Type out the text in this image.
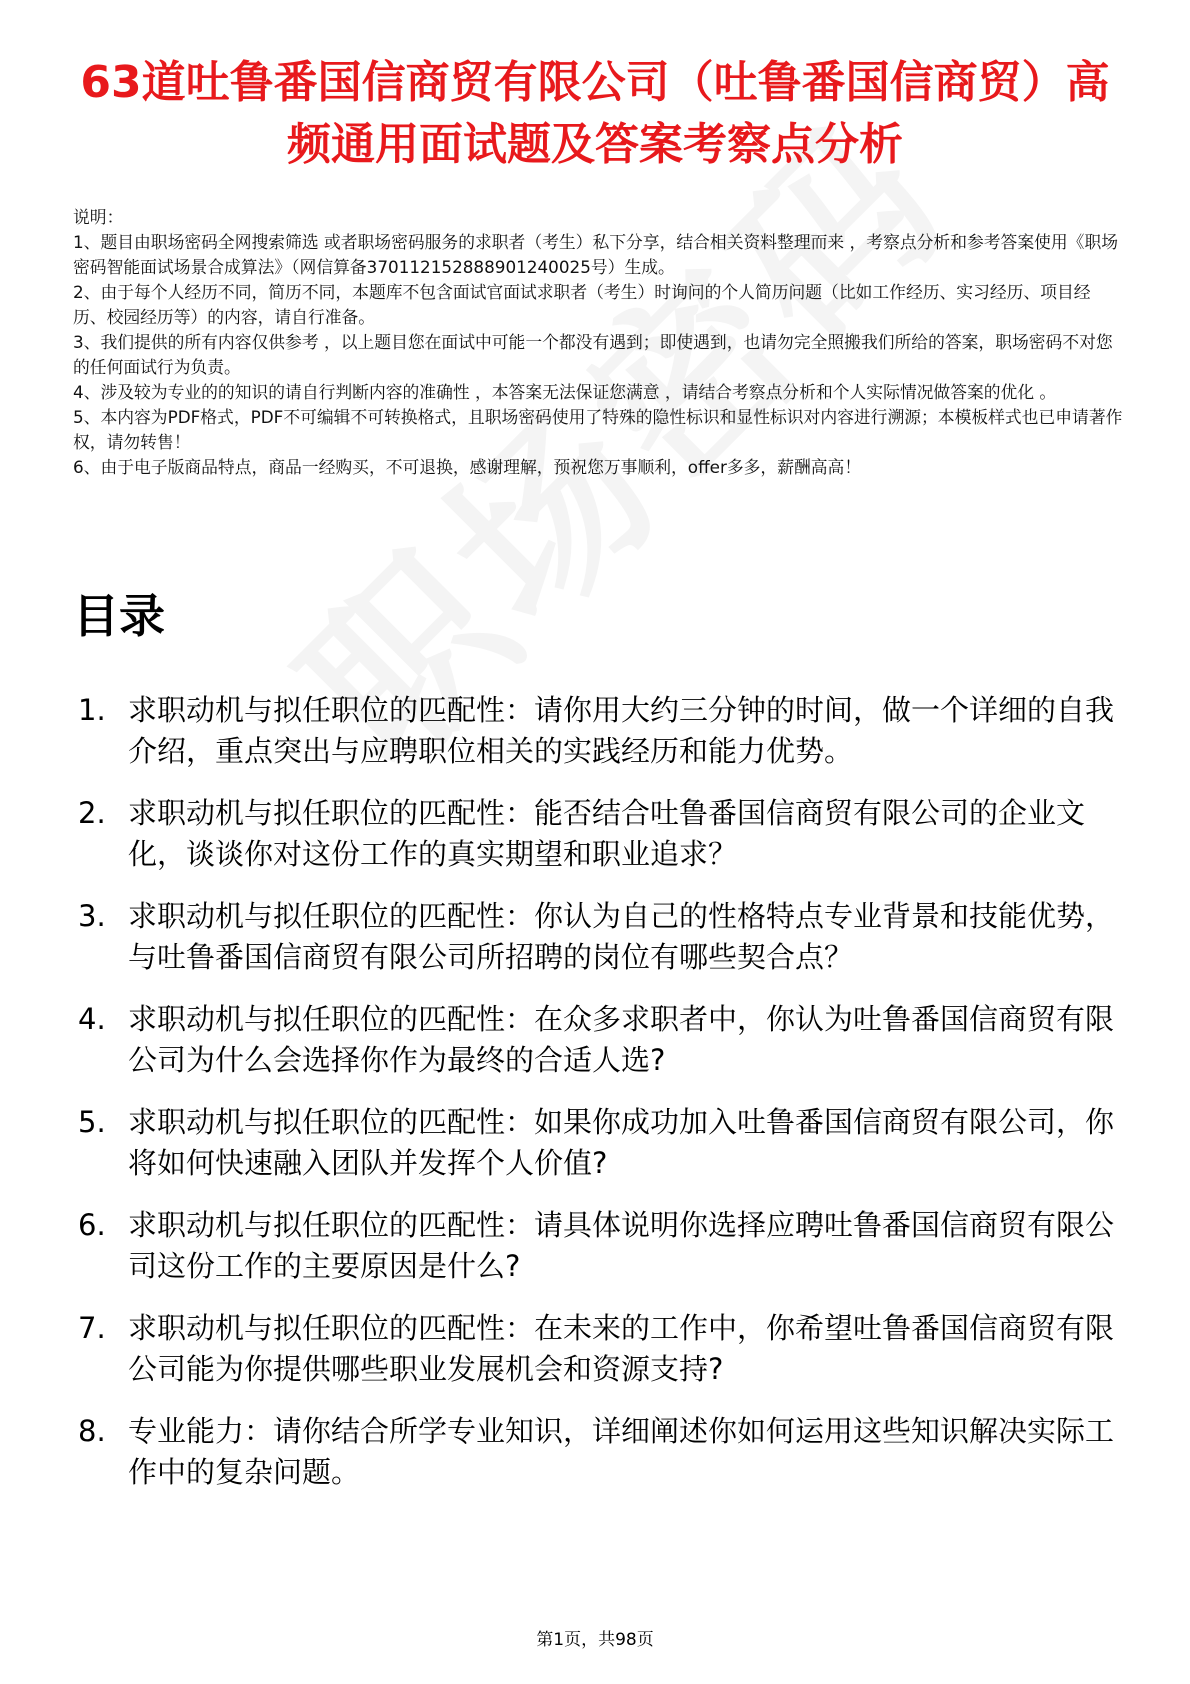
63道吐鲁番国信商贸有限公司（吐鲁番国信商贸）高频通用面试题及答案考察点分析

说明：

1、题目由职场密码全网搜索筛选 或者职场密码服务的求职者（考生）私下分享，结合相关资料整理而来 ，考察点分析和参考答案使用《职场密码智能面试场景合成算法》（网信算备370112152888901240025号）生成。

2、由于每个人经历不同，简历不同，本题库不包含面试官面试求职者（考生）时询问的个人简历问题（比如工作经历、实习经历、项目经历、校园经历等）的内容，请自行准备。

3、我们提供的所有内容仅供参考 ，以上题目您在面试中可能一个都没有遇到；即使遇到，也请勿完全照搬我们所给的答案，职场密码不对您的任何面试行为负责。

4、涉及较为专业的的知识的请自行判断内容的准确性 ，本答案无法保证您满意 ，请结合考察点分析和个人实际情况做答案的优化 。

5、本内容为PDF格式，PDF不可编辑不可转换格式，且职场密码使用了特殊的隐性标识和显性标识对内容进行溯源；本模板样式也已申请著作权，请勿转售！

6、由于电子版商品特点，商品一经购买，不可退换，感谢理解，预祝您万事顺利，offer多多，薪酬高高！

目录
1. 求职动机与拟任职位的匹配性：请你用大约三分钟的时间，做一个详细的自我介绍，重点突出与应聘职位相关的实践经历和能力优势。
2. 求职动机与拟任职位的匹配性：能否结合吐鲁番国信商贸有限公司的企业文化，谈谈你对这份工作的真实期望和职业追求？
3. 求职动机与拟任职位的匹配性：你认为自己的性格特点专业背景和技能优势，与吐鲁番国信商贸有限公司所招聘的岗位有哪些契合点？
4. 求职动机与拟任职位的匹配性：在众多求职者中，你认为吐鲁番国信商贸有限公司为什么会选择你作为最终的合适人选?
5. 求职动机与拟任职位的匹配性：如果你成功加入吐鲁番国信商贸有限公司，你将如何快速融入团队并发挥个人价值?
6. 求职动机与拟任职位的匹配性：请具体说明你选择应聘吐鲁番国信商贸有限公司这份工作的主要原因是什么?
7. 求职动机与拟任职位的匹配性：在未来的工作中，你希望吐鲁番国信商贸有限公司能为你提供哪些职业发展机会和资源支持?
8. 专业能力：请你结合所学专业知识，详细阐述你如何运用这些知识解决实际工作中的复杂问题。
第1页，共98页
